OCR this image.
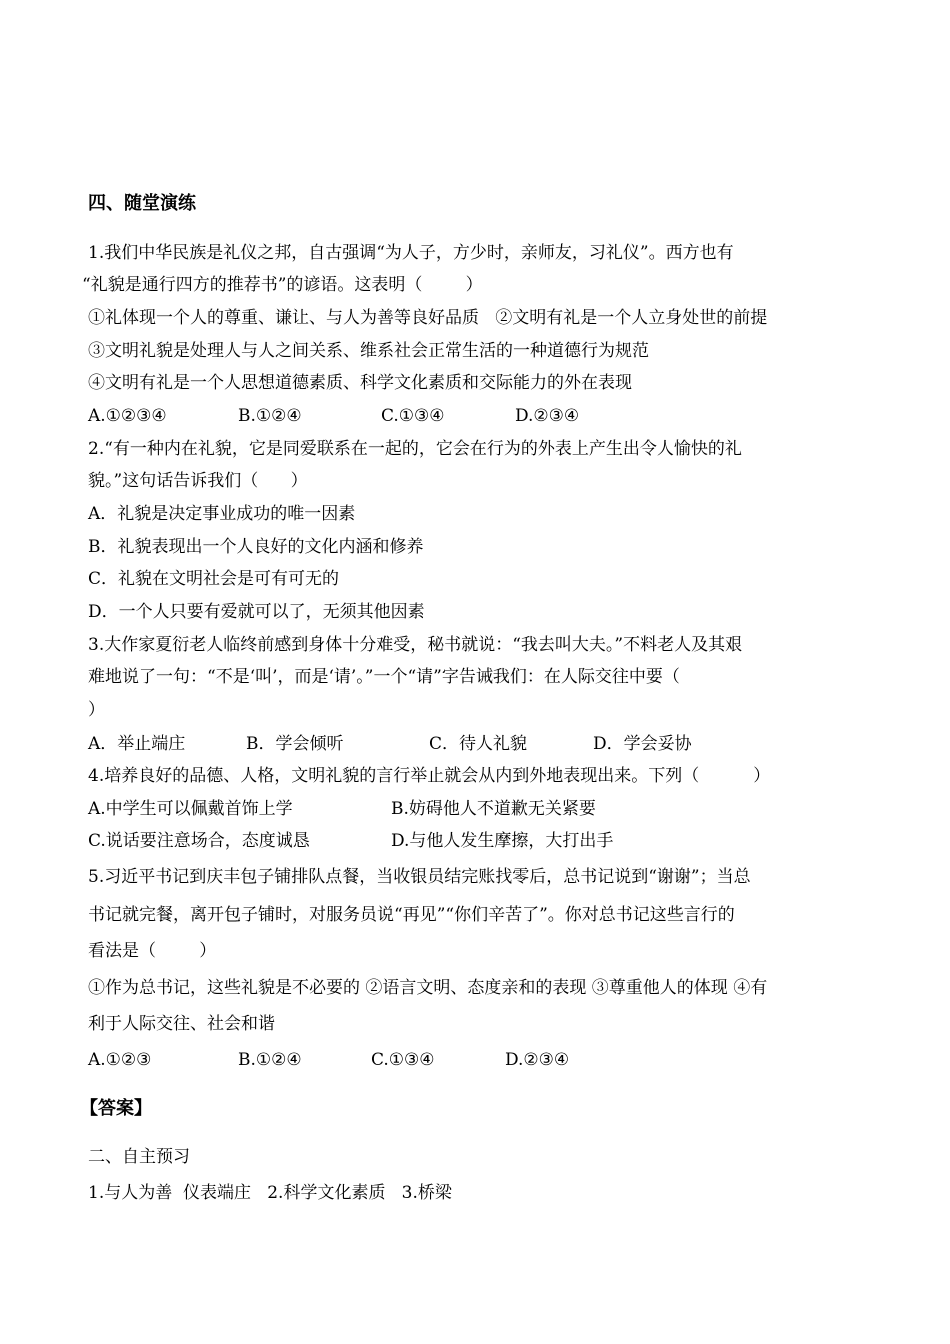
四、随堂演练
1.我们中华民族是礼仪之邦，自古强调“为人子，方少时，亲师友，习礼仪”。西方也有
“礼貌是通行四方的推荐书”的谚语。这表明（        ）
①礼体现一个人的尊重、谦让、与人为善等良好品质   ②文明有礼是一个人立身处世的前提
③文明礼貌是处理人与人之间关系、维系社会正常生活的一种道德行为规范
④文明有礼是一个人思想道德素质、科学文化素质和交际能力的外在表现
A.①②③④	B.①②④	C.①③④	D.②③④
2.“有一种内在礼貌，它是同爱联系在一起的，它会在行为的外表上产生出令人愉快的礼
貌。”这句话告诉我们（      ）
A．礼貌是决定事业成功的唯一因素
B．礼貌表现出一个人良好的文化内涵和修养
C．礼貌在文明社会是可有可无的
D．一个人只要有爱就可以了，无须其他因素
3.大作家夏衍老人临终前感到身体十分难受，秘书就说：“我去叫大夫。”不料老人及其艰
难地说了一句：“不是‘叫’，而是‘请’。”一个“请”字告诫我们：在人际交往中要（
）
A．举止端庄	B．学会倾听	C．待人礼貌	D．学会妥协
4.培养良好的品德、人格，文明礼貌的言行举止就会从内到外地表现出来。下列（          ）
A.中学生可以佩戴首饰上学	B.妨碍他人不道歉无关紧要
C.说话要注意场合，态度诚恳	D.与他人发生摩擦，大打出手
5.习近平书记到庆丰包子铺排队点餐，当收银员结完账找零后，总书记说到“谢谢”；当总
书记就完餐，离开包子铺时，对服务员说“再见”“你们辛苦了”。你对总书记这些言行的
看法是（        ）
①作为总书记，这些礼貌是不必要的 ②语言文明、态度亲和的表现 ③尊重他人的体现 ④有
利于人际交往、社会和谐
A.①②③	B.①②④	C.①③④	D.②③④
【答案】
二、自主预习
1.与人为善  仪表端庄   2.科学文化素质   3.桥梁
